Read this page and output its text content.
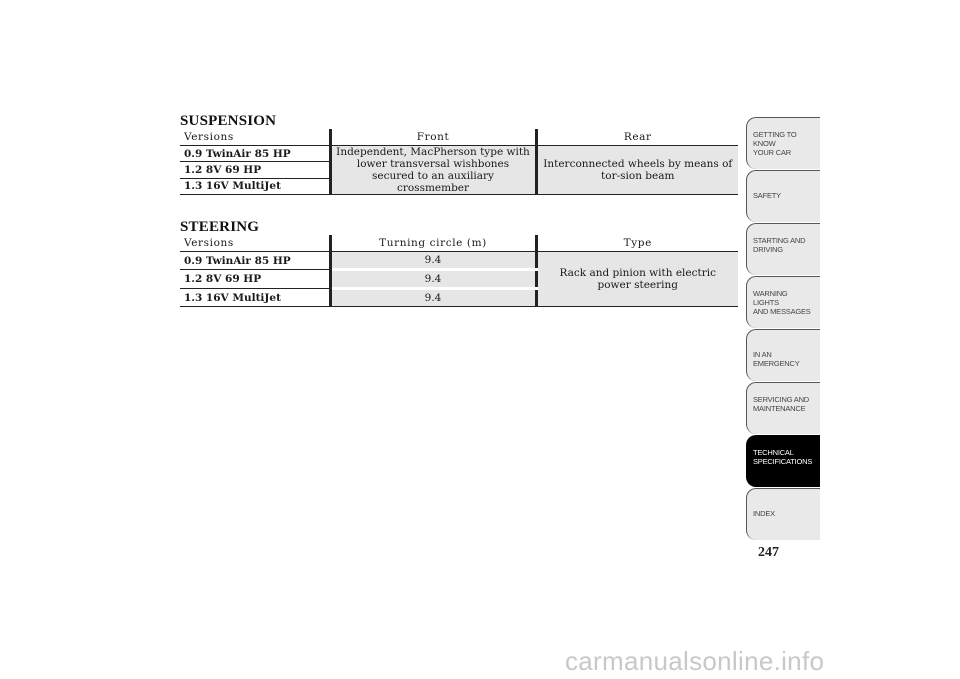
SUSPENSION
Versions	Front	Rear
0.9 TwinAir 85 HP	Independent, MacPherson type with lower transversal wishbones secured to an auxiliary crossmember	Interconnected wheels by means of tor-sion beam
1.2 8V 69 HP		
1.3 16V MultiJet		
STEERING
Versions	Turning circle (m)	Type
0.9 TwinAir 85 HP	9.4	Rack and pinion with electric power steering
1.2 8V 69 HP	9.4	
1.3 16V MultiJet	9.4	
GETTING TO KNOW
YOUR CAR
SAFETY
STARTING AND
DRIVING
WARNING LIGHTS
AND MESSAGES
IN AN EMERGENCY
SERVICING AND
MAINTENANCE
TECHNICAL
SPECIFICATIONS
INDEX
247
carmanualsonline.info
